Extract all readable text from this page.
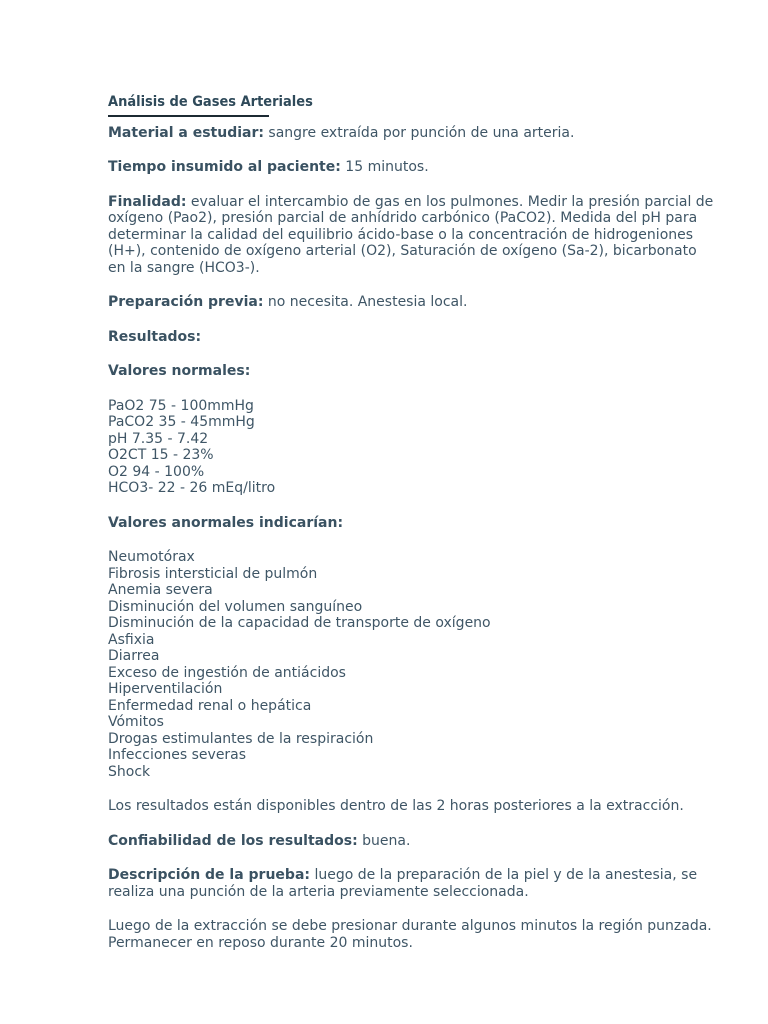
Análisis de Gases Arteriales

Material a estudiar: sangre extraída por punción de una arteria.

Tiempo insumido al paciente: 15 minutos.

Finalidad: evaluar el intercambio de gas en los pulmones. Medir la presión parcial de oxígeno (Pao2), presión parcial de anhídrido carbónico (PaCO2). Medida del pH para determinar la calidad del equilibrio ácido-base o la concentración de hidrogeniones (H+), contenido de oxígeno arterial (O2), Saturación de oxígeno (Sa-2), bicarbonato en la sangre (HCO3-).

Preparación previa: no necesita. Anestesia local.

Resultados:
Valores normales:
PaO2 75 - 100mmHg
PaCO2 35 - 45mmHg
pH 7.35 - 7.42
O2CT 15 - 23%
O2 94 - 100%
HCO3- 22 - 26 mEq/litro
Valores anormales indicarían:
Neumotórax
Fibrosis intersticial de pulmón
Anemia severa
Disminución del volumen sanguíneo
Disminución de la capacidad de transporte de oxígeno
Asfixia
Diarrea
Exceso de ingestión de antiácidos
Hiperventilación
Enfermedad renal o hepática
Vómitos
Drogas estimulantes de la respiración
Infecciones severas
Shock

Los resultados están disponibles dentro de las 2 horas posteriores a la extracción.

Confiabilidad de los resultados: buena.

Descripción de la prueba: luego de la preparación de la piel y de la anestesia, se realiza una punción de la arteria previamente seleccionada.

Luego de la extracción se debe presionar durante algunos minutos la región punzada. Permanecer en reposo durante 20 minutos.
